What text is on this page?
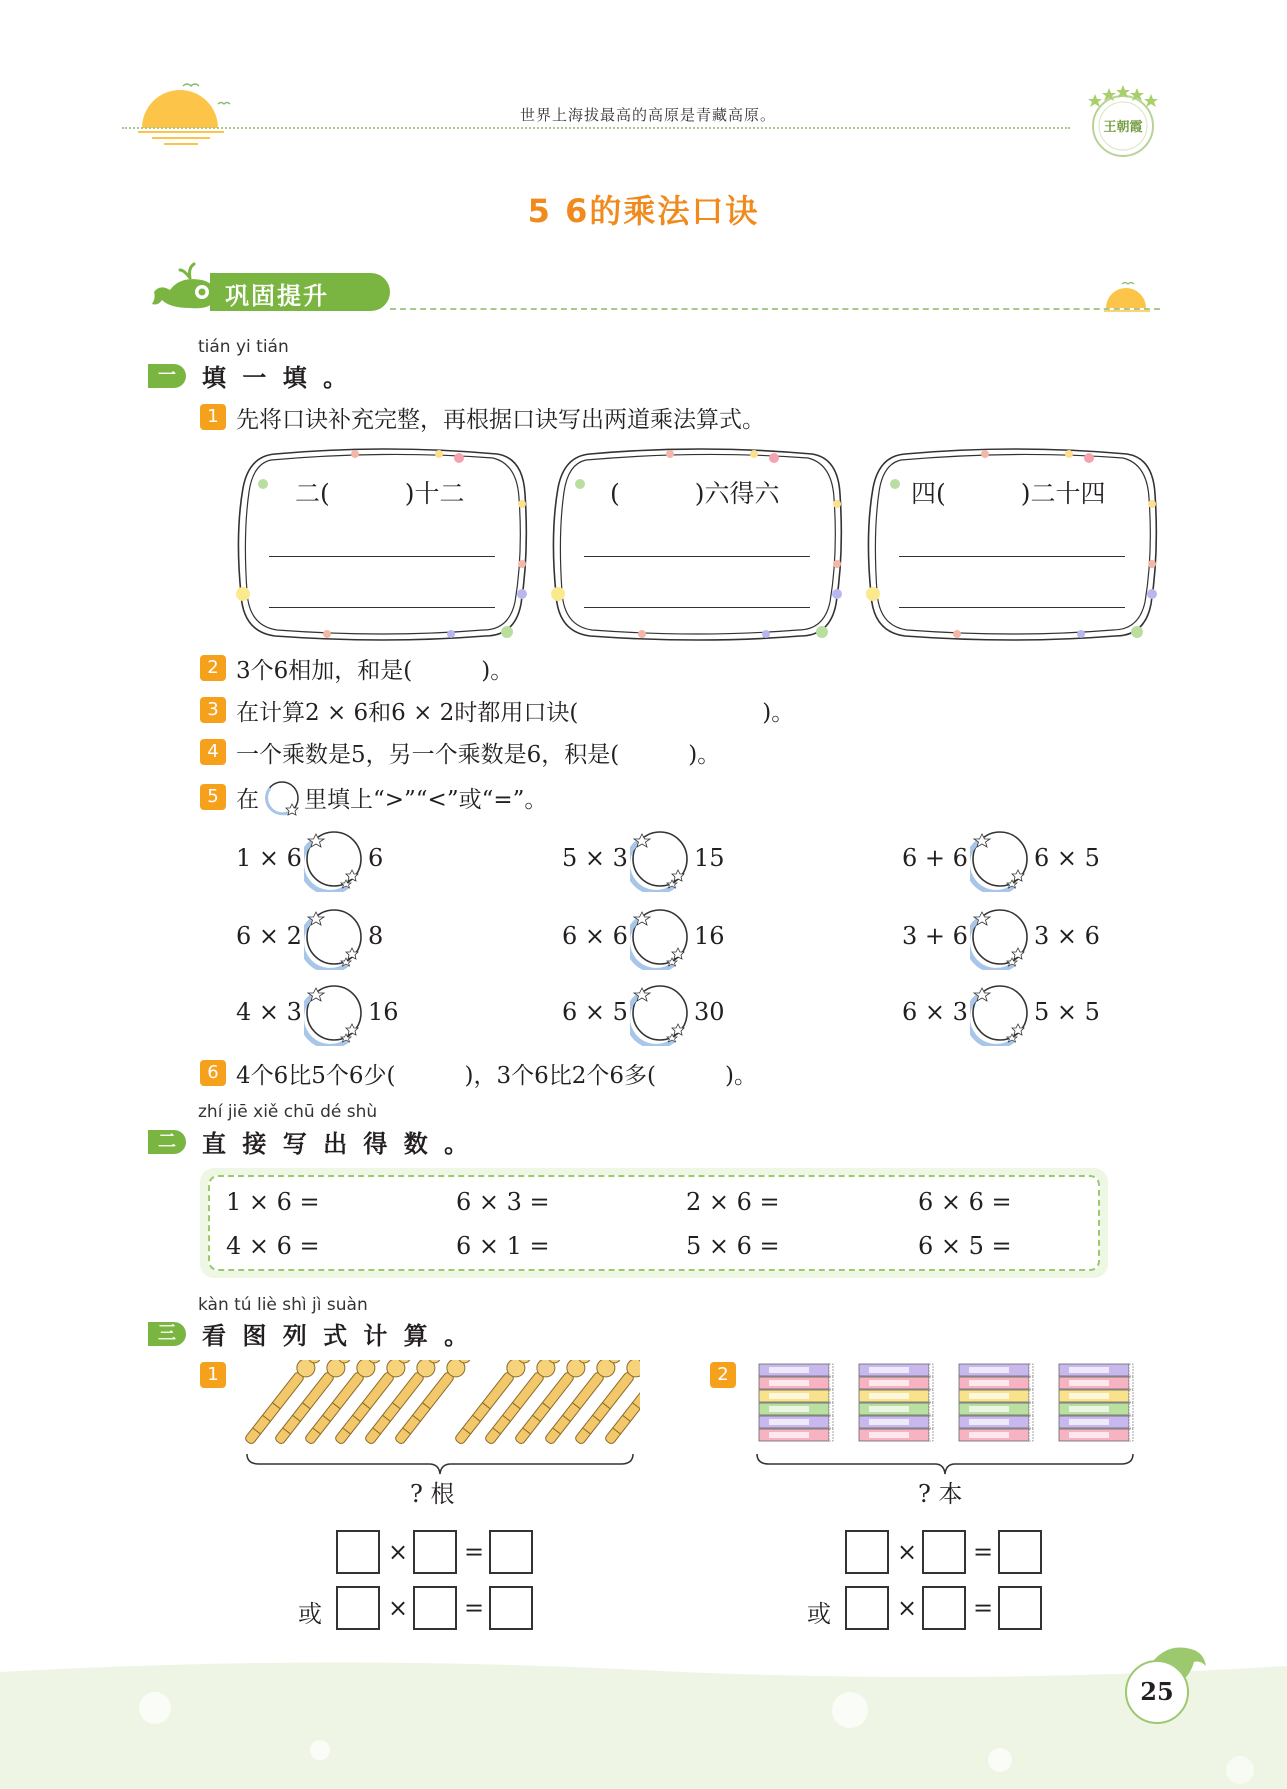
世界上海拔最高的高原是青藏高原。
王朝霞
5 6的乘法口诀
巩固提升
tián yi tián
一	填 一 填 。
1 先将口诀补充完整，再根据口诀写出两道乘法算式。
二(　　　)十二	(　　　)六得六	四(　　　)二十四
2 3个6相加，和是(　　　)。
3 在计算2 × 6和6 × 2时都用口诀(　　　　　　　　)。
4 一个乘数是5，另一个乘数是6，积是(　　　)。
5 在 里填上“>”“<”或“=”。
1 × 6	6	5 × 3	15	6 + 6	6 × 5
6 × 2	8	6 × 6	16	3 + 6	3 × 6
4 × 3	16	6 × 5	30	6 × 3	5 × 5
6 4个6比5个6少(　　　)，3个6比2个6多(　　　)。
zhí jiē xiě chū dé shù
二	直 接 写 出 得 数 。
1 × 6 =	6 × 3 =	2 × 6 =	6 × 6 =
4 × 6 =	6 × 1 =	5 × 6 =	6 × 5 =
kàn tú liè shì jì suàn
三	看 图 列 式 计 算 。
1
? 根
2
? 本
× =
或	× =
× =
或	× =
25
